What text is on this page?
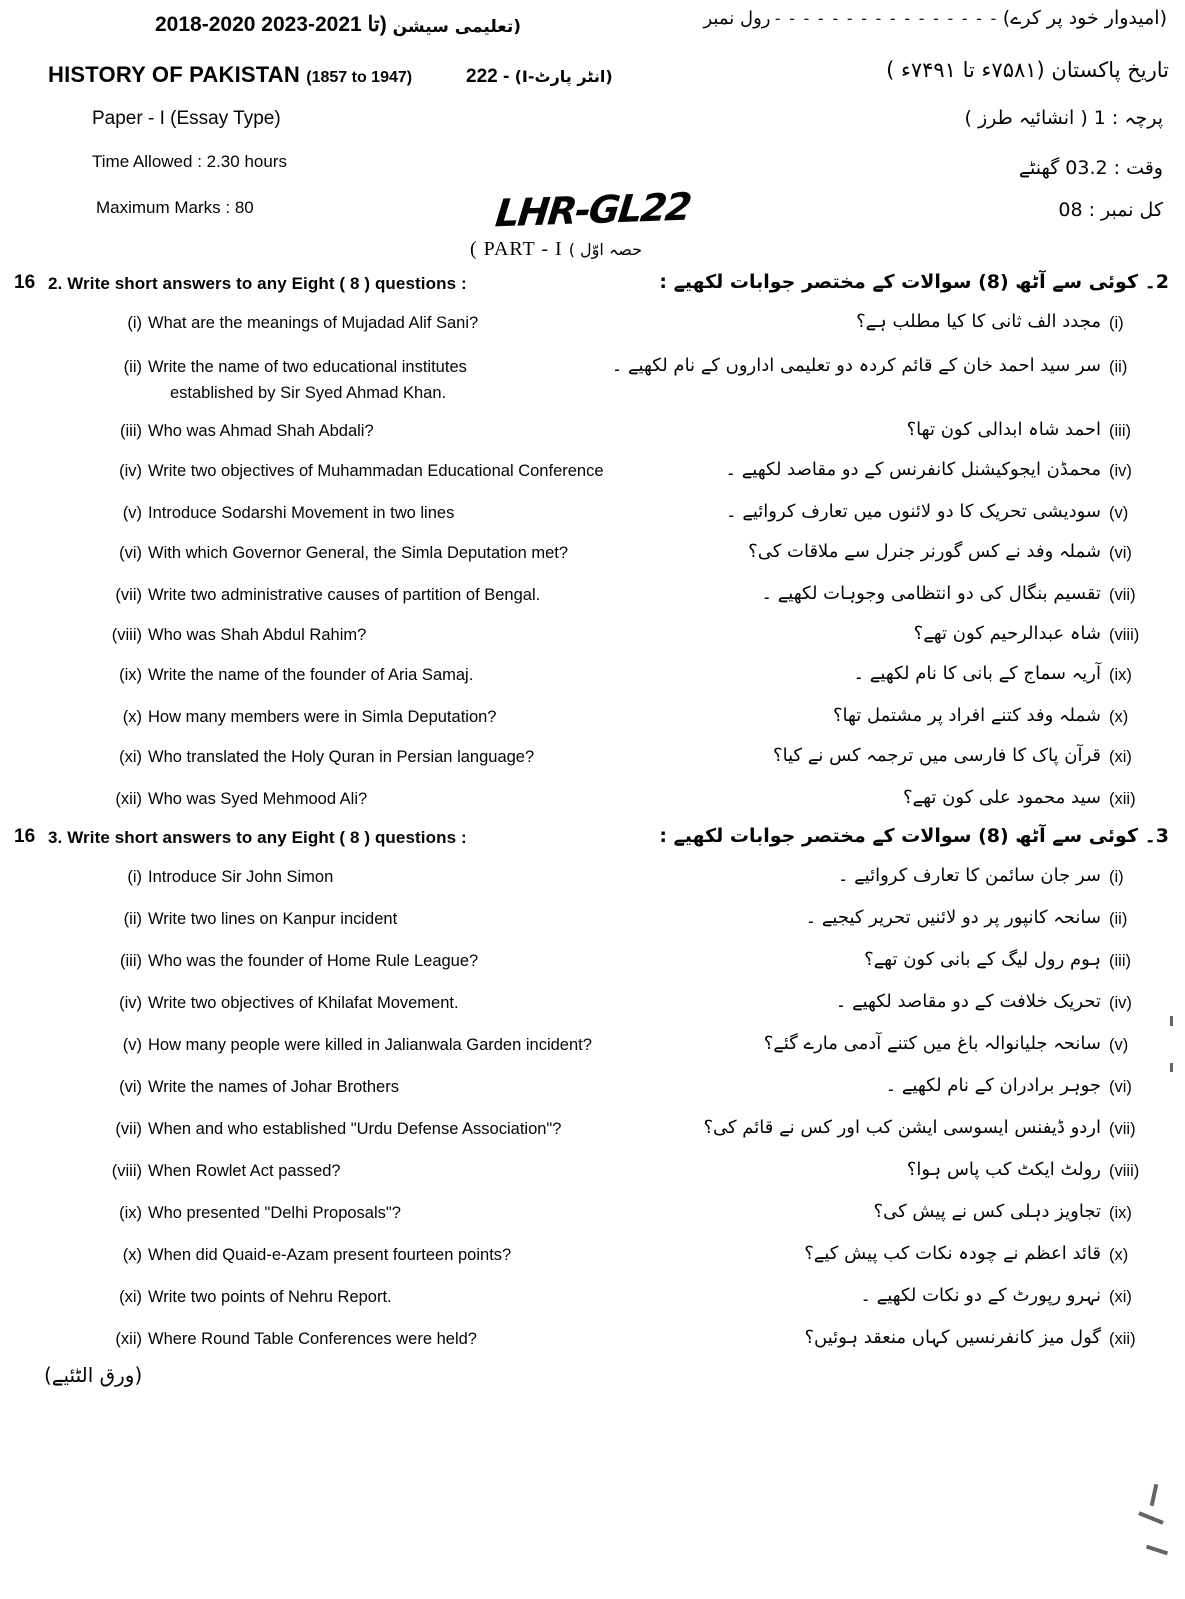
(امیدوار خود پر کرے) - - - - - - - - - - - - - - - - رول نمبر
2018-2020 تا 2021-2023) (تعلیمی سیشن
HISTORY OF PAKISTAN (1857 to 1947)	222 - (انٹر پارٹ-I)	تاریخ پاکستان (۱۸۵۷ء تا ۱۹۴۷ء )
Paper - I (Essay Type)
Time Allowed : 2.30 hours
Maximum Marks : 80
پرچہ : 1 ( انشائیہ طرز )
وقت : 2.30 گھنٹے
کل نمبر : 80
LHR-GL22
( PART - I حصہ اوّل )
16 2. Write short answers to any Eight ( 8 ) questions :	2۔ کوئی سے آٹھ (8) سوالات کے مختصر جوابات لکھیے :
(i) What are the meanings of Mujadad Alif Sani?	(i)
مجدد الف ثانی کا کیا مطلب ہے؟
(ii) Write the name of two educational institutes
established by Sir Syed Ahmad Khan.
(ii)
سر سید احمد خان کے قائم کردہ دو تعلیمی اداروں کے نام لکھیے ۔
(iii) Who was Ahmad Shah Abdali?	(iii)
احمد شاہ ابدالی کون تھا؟
(iv) Write two objectives of Muhammadan Educational Conference	(iv)
محمڈن ایجوکیشنل کانفرنس کے دو مقاصد لکھیے ۔
(v) Introduce Sodarshi Movement in two lines	(v)
سودیشی تحریک کا دو لائنوں میں تعارف کروائیے ۔
(vi) With which Governor General, the Simla Deputation met?	(vi)
شملہ وفد نے کس گورنر جنرل سے ملاقات کی؟
(vii) Write two administrative causes of partition of Bengal.	(vii)
تقسیم بنگال کی دو انتظامی وجوہات لکھیے ۔
(viii) Who was Shah Abdul Rahim?	(viii)
شاہ عبدالرحیم کون تھے؟
(ix) Write the name of the founder of Aria Samaj.	(ix)
آریہ سماج کے بانی کا نام لکھیے ۔
(x) How many members were in Simla Deputation?	(x)
شملہ وفد کتنے افراد پر مشتمل تھا؟
(xi) Who translated the Holy Quran in Persian language?	(xi)
قرآن پاک کا فارسی میں ترجمہ کس نے کیا؟
(xii) Who was Syed Mehmood Ali?	(xii)
سید محمود علی کون تھے؟
16 3. Write short answers to any Eight ( 8 ) questions :	3۔ کوئی سے آٹھ (8) سوالات کے مختصر جوابات لکھیے :
(i) Introduce Sir John Simon	(i)
سر جان سائمن کا تعارف کروائیے ۔
(ii) Write two lines on Kanpur incident	(ii)
سانحہ کانپور پر دو لائنیں تحریر کیجیے ۔
(iii) Who was the founder of Home Rule League?	(iii)
ہوم رول لیگ کے بانی کون تھے؟
(iv) Write two objectives of Khilafat Movement.	(iv)
تحریک خلافت کے دو مقاصد لکھیے ۔
(v) How many people were killed in Jalianwala Garden incident?	(v)
سانحہ جلیانوالہ باغ میں کتنے آدمی مارے گئے؟
(vi) Write the names of Johar Brothers	(vi)
جوہر برادران کے نام لکھیے ۔
(vii) When and who established "Urdu Defense Association"?	(vii)
اردو ڈیفنس ایسوسی ایشن کب اور کس نے قائم کی؟
(viii) When Rowlet Act passed?	(viii)
رولٹ ایکٹ کب پاس ہوا؟
(ix) Who presented "Delhi Proposals"?	(ix)
تجاویز دہلی کس نے پیش کی؟
(x) When did Quaid-e-Azam present fourteen points?	(x)
قائد اعظم نے چودہ نکات کب پیش کیے؟
(xi) Write two points of Nehru Report.	(xi)
نہرو رپورٹ کے دو نکات لکھیے ۔
(xii) Where Round Table Conferences were held?	(xii)
گول میز کانفرنسیں کہاں منعقد ہوئیں؟
(ورق الٹئیے)
